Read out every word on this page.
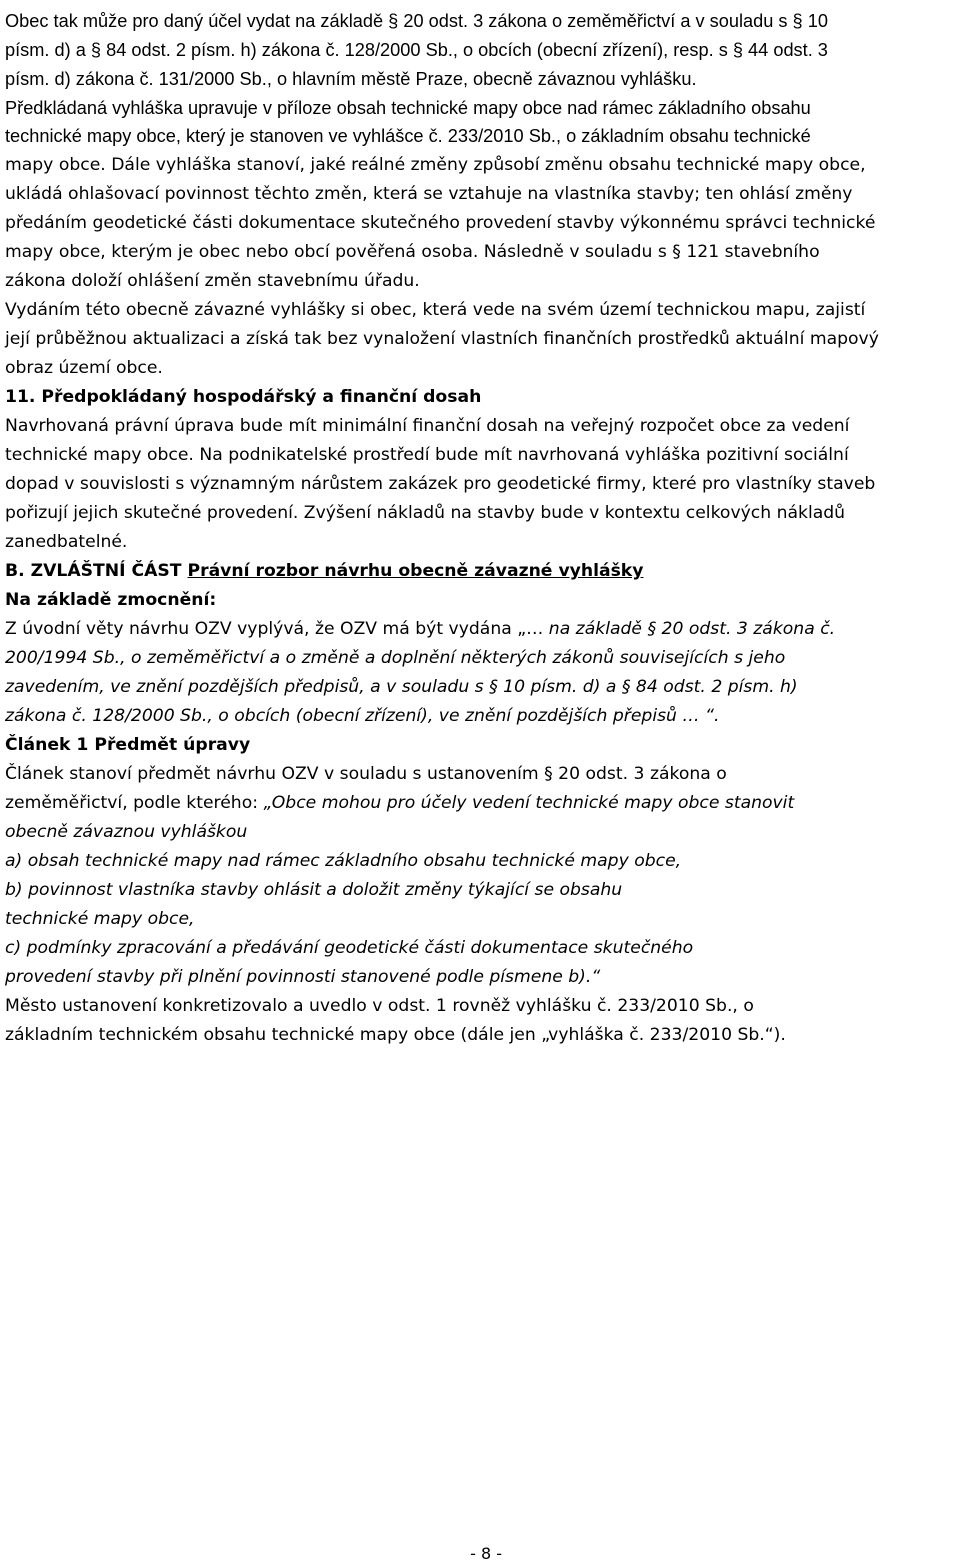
Obec tak může pro daný účel vydat na základě § 20 odst. 3 zákona o zeměměřictví a v souladu s § 10
písm. d) a § 84 odst. 2 písm. h) zákona č. 128/2000 Sb., o obcích (obecní zřízení), resp. s § 44 odst. 3
písm. d) zákona č. 131/2000 Sb., o hlavním městě Praze, obecně závaznou vyhlášku.
Předkládaná vyhláška upravuje v příloze obsah technické mapy obce nad rámec základního obsahu
technické mapy obce, který je stanoven ve vyhlášce č. 233/2010 Sb., o základním obsahu technické
mapy obce. Dále vyhláška stanoví, jaké reálné změny způsobí změnu obsahu technické mapy obce,
ukládá ohlašovací povinnost těchto změn, která se vztahuje na vlastníka stavby; ten ohlásí změny
předáním geodetické části dokumentace skutečného provedení stavby výkonnému správci technické
mapy obce, kterým je obec nebo obcí pověřená osoba. Následně v souladu s § 121 stavebního
zákona doloží ohlášení změn stavebnímu úřadu.
Vydáním této obecně závazné vyhlášky si obec, která vede na svém území technickou mapu, zajistí
její průběžnou aktualizaci a získá tak bez vynaložení vlastních finančních prostředků aktuální mapový
obraz území obce.
11. Předpokládaný hospodářský a finanční dosah
Navrhovaná právní úprava bude mít minimální finanční dosah na veřejný rozpočet obce za vedení
technické mapy obce. Na podnikatelské prostředí bude mít navrhovaná vyhláška pozitivní sociální
dopad v souvislosti s významným nárůstem zakázek pro geodetické firmy, které pro vlastníky staveb
pořizují jejich skutečné provedení. Zvýšení nákladů na stavby bude v kontextu celkových nákladů
zanedbatelné.
B. ZVLÁŠTNÍ ČÁST Právní rozbor návrhu obecně závazné vyhlášky
Na základě zmocnění:
Z úvodní věty návrhu OZV vyplývá, že OZV má být vydána „… na základě § 20 odst. 3 zákona č.
200/1994 Sb., o zeměměřictví a o změně a doplnění některých zákonů souvisejících s jeho
zavedením, ve znění pozdějších předpisů, a v souladu s § 10 písm. d) a § 84 odst. 2 písm. h)
zákona č. 128/2000 Sb., o obcích (obecní zřízení), ve znění pozdějších přepisů … “.
Článek 1 Předmět úpravy
Článek stanoví předmět návrhu OZV v souladu s ustanovením § 20 odst. 3 zákona o
zeměměřictví, podle kterého: „Obce mohou pro účely vedení technické mapy obce stanovit
obecně závaznou vyhláškou
a) obsah technické mapy nad rámec základního obsahu technické mapy obce,
b) povinnost vlastníka stavby ohlásit a doložit změny týkající se obsahu
technické mapy obce,
c) podmínky zpracování a předávání geodetické části dokumentace skutečného
provedení stavby při plnění povinnosti stanovené podle písmene b).“
Město ustanovení konkretizovalo a uvedlo v odst. 1 rovněž vyhlášku č. 233/2010 Sb., o
základním technickém obsahu technické mapy obce (dále jen „vyhláška č. 233/2010 Sb.“).
- 8 -
